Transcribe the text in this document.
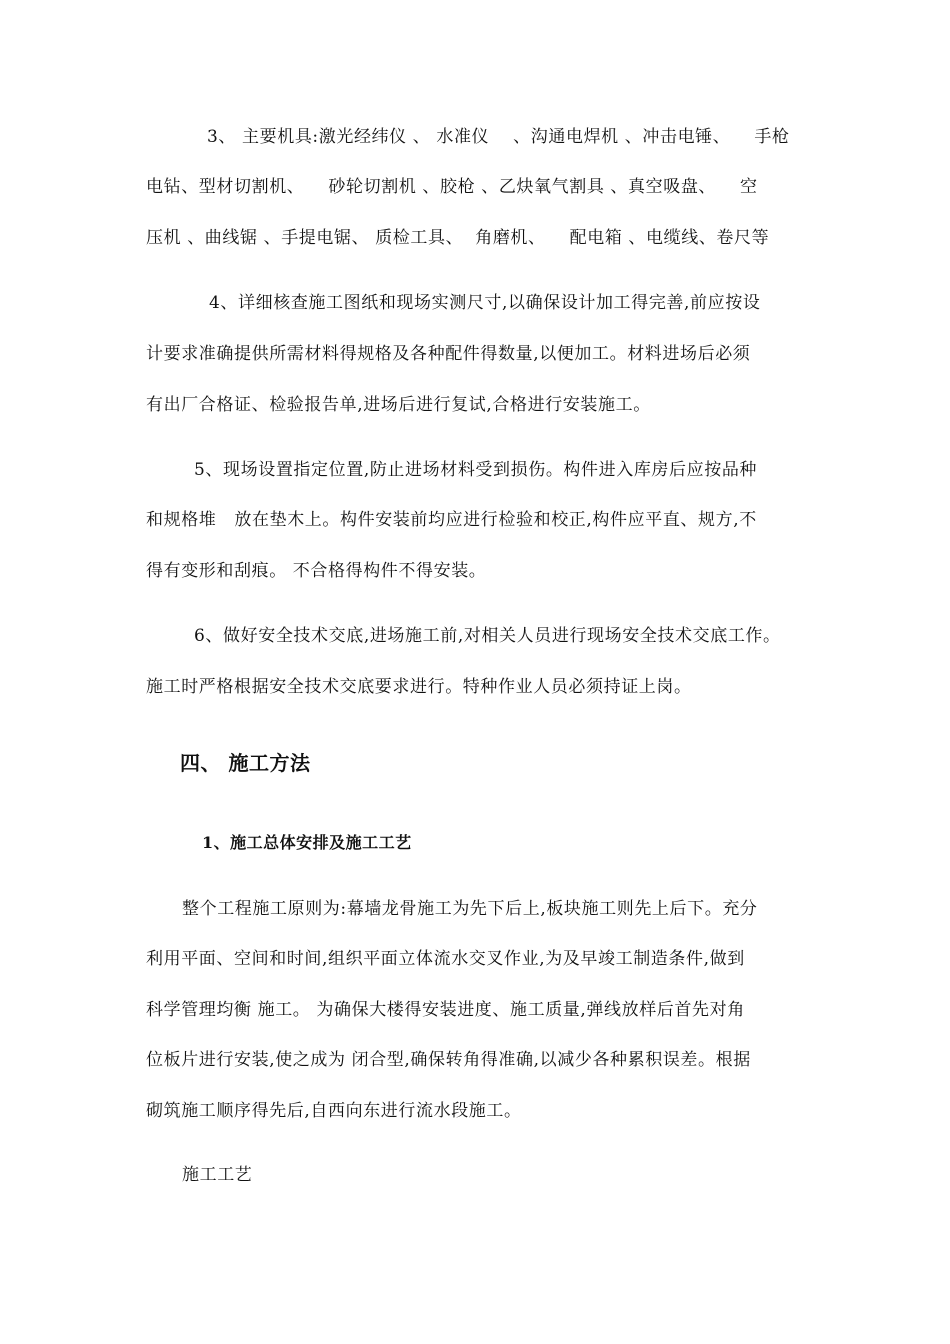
3、 主要机具:激光经纬仪 、 水准仪    、沟通电焊机 、冲击电锤、    手枪
电钻、型材切割机、    砂轮切割机 、胶枪 、乙炔氧气割具 、真空吸盘、    空
压机 、曲线锯 、手提电锯、 质检工具、  角磨机、    配电箱 、电缆线、卷尺等
4、详细核查施工图纸和现场实测尺寸,以确保设计加工得完善,前应按设
计要求准确提供所需材料得规格及各种配件得数量,以便加工。材料进场后必须
有出厂合格证、检验报告单,进场后进行复试,合格进行安装施工。
5、现场设置指定位置,防止进场材料受到损伤。构件进入库房后应按品种
和规格堆   放在垫木上。构件安装前均应进行检验和校正,构件应平直、规方,不
得有变形和刮痕。 不合格得构件不得安装。
6、做好安全技术交底,进场施工前,对相关人员进行现场安全技术交底工作。
施工时严格根据安全技术交底要求进行。特种作业人员必须持证上岗。
四、 施工方法
1、施工总体安排及施工工艺
整个工程施工原则为:幕墙龙骨施工为先下后上,板块施工则先上后下。充分
利用平面、空间和时间,组织平面立体流水交叉作业,为及早竣工制造条件,做到
科学管理均衡 施工。 为确保大楼得安装进度、施工质量,弹线放样后首先对角
位板片进行安装,使之成为 闭合型,确保转角得准确,以减少各种累积误差。根据
砌筑施工顺序得先后,自西向东进行流水段施工。
施工工艺
